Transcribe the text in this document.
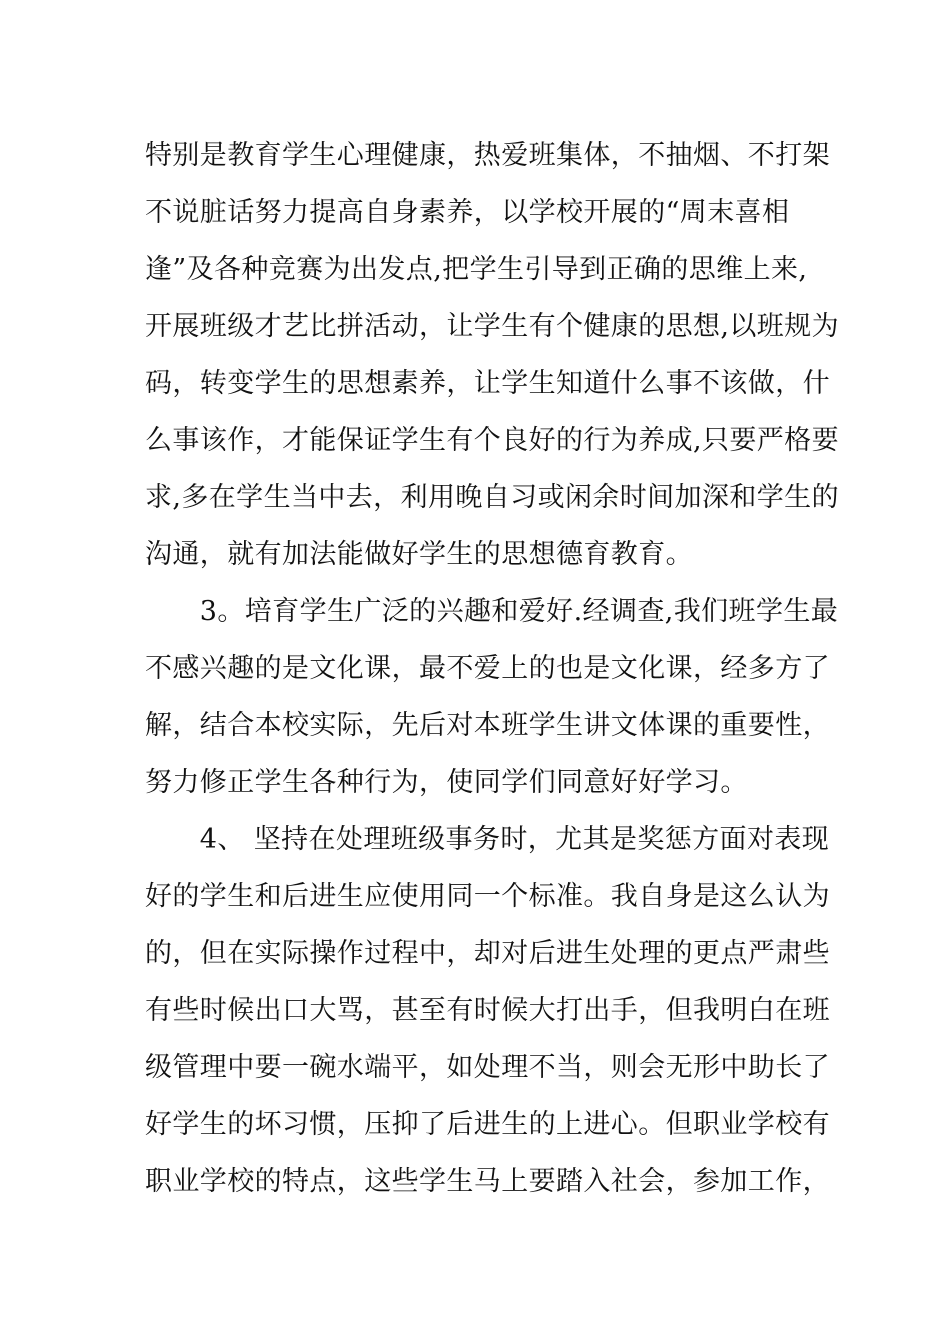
特别是教育学生心理健康，热爱班集体，不抽烟、不打架
不说脏话努力提高自身素养，以学校开展的“周末喜相
逢”及各种竞赛为出发点,把学生引导到正确的思维上来,
开展班级才艺比拼活动，让学生有个健康的思想,以班规为
码，转变学生的思想素养，让学生知道什么事不该做，什
么事该作，才能保证学生有个良好的行为养成,只要严格要
求,多在学生当中去，利用晚自习或闲余时间加深和学生的
沟通，就有加法能做好学生的思想德育教育。
　　3。培育学生广泛的兴趣和爱好.经调查,我们班学生最
不感兴趣的是文化课，最不爱上的也是文化课，经多方了
解，结合本校实际，先后对本班学生讲文体课的重要性，
努力修正学生各种行为，使同学们同意好好学习。
　　4、 坚持在处理班级事务时，尤其是奖惩方面对表现
好的学生和后进生应使用同一个标准。我自身是这么认为
的，但在实际操作过程中，却对后进生处理的更点严肃些
有些时候出口大骂，甚至有时候大打出手，但我明白在班
级管理中要一碗水端平，如处理不当，则会无形中助长了
好学生的坏习惯，压抑了后进生的上进心。但职业学校有
职业学校的特点，这些学生马上要踏入社会，参加工作，
